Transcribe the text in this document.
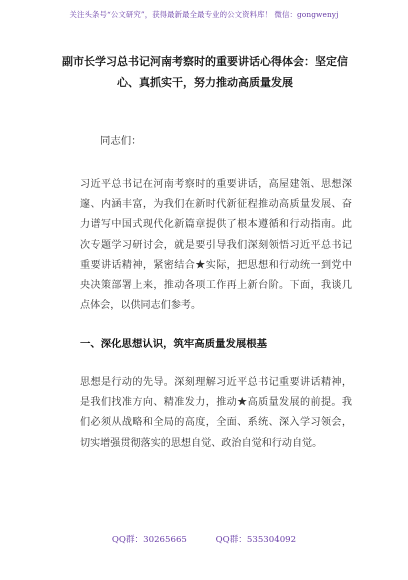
关注头条号“公文研究”，获得最新最全最专业的公文资料库！ 微信：gongwenyj
副市长学习总书记河南考察时的重要讲话心得体会：坚定信心、真抓实干，努力推动高质量发展
同志们：
习近平总书记在河南考察时的重要讲话，高屋建瓴、思想深邃、内涵丰富，为我们在新时代新征程推动高质量发展、奋力谱写中国式现代化新篇章提供了根本遵循和行动指南。此次专题学习研讨会，就是要引导我们深刻领悟习近平总书记重要讲话精神，紧密结合★实际，把思想和行动统一到党中央决策部署上来，推动各项工作再上新台阶。下面，我谈几点体会，以供同志们参考。
一、深化思想认识，筑牢高质量发展根基
思想是行动的先导。深刻理解习近平总书记重要讲话精神，是我们找准方向、精准发力，推动★高质量发展的前提。我们必须从战略和全局的高度，全面、系统、深入学习领会，切实增强贯彻落实的思想自觉、政治自觉和行动自觉。
QQ群：30265665	QQ群：535304092
